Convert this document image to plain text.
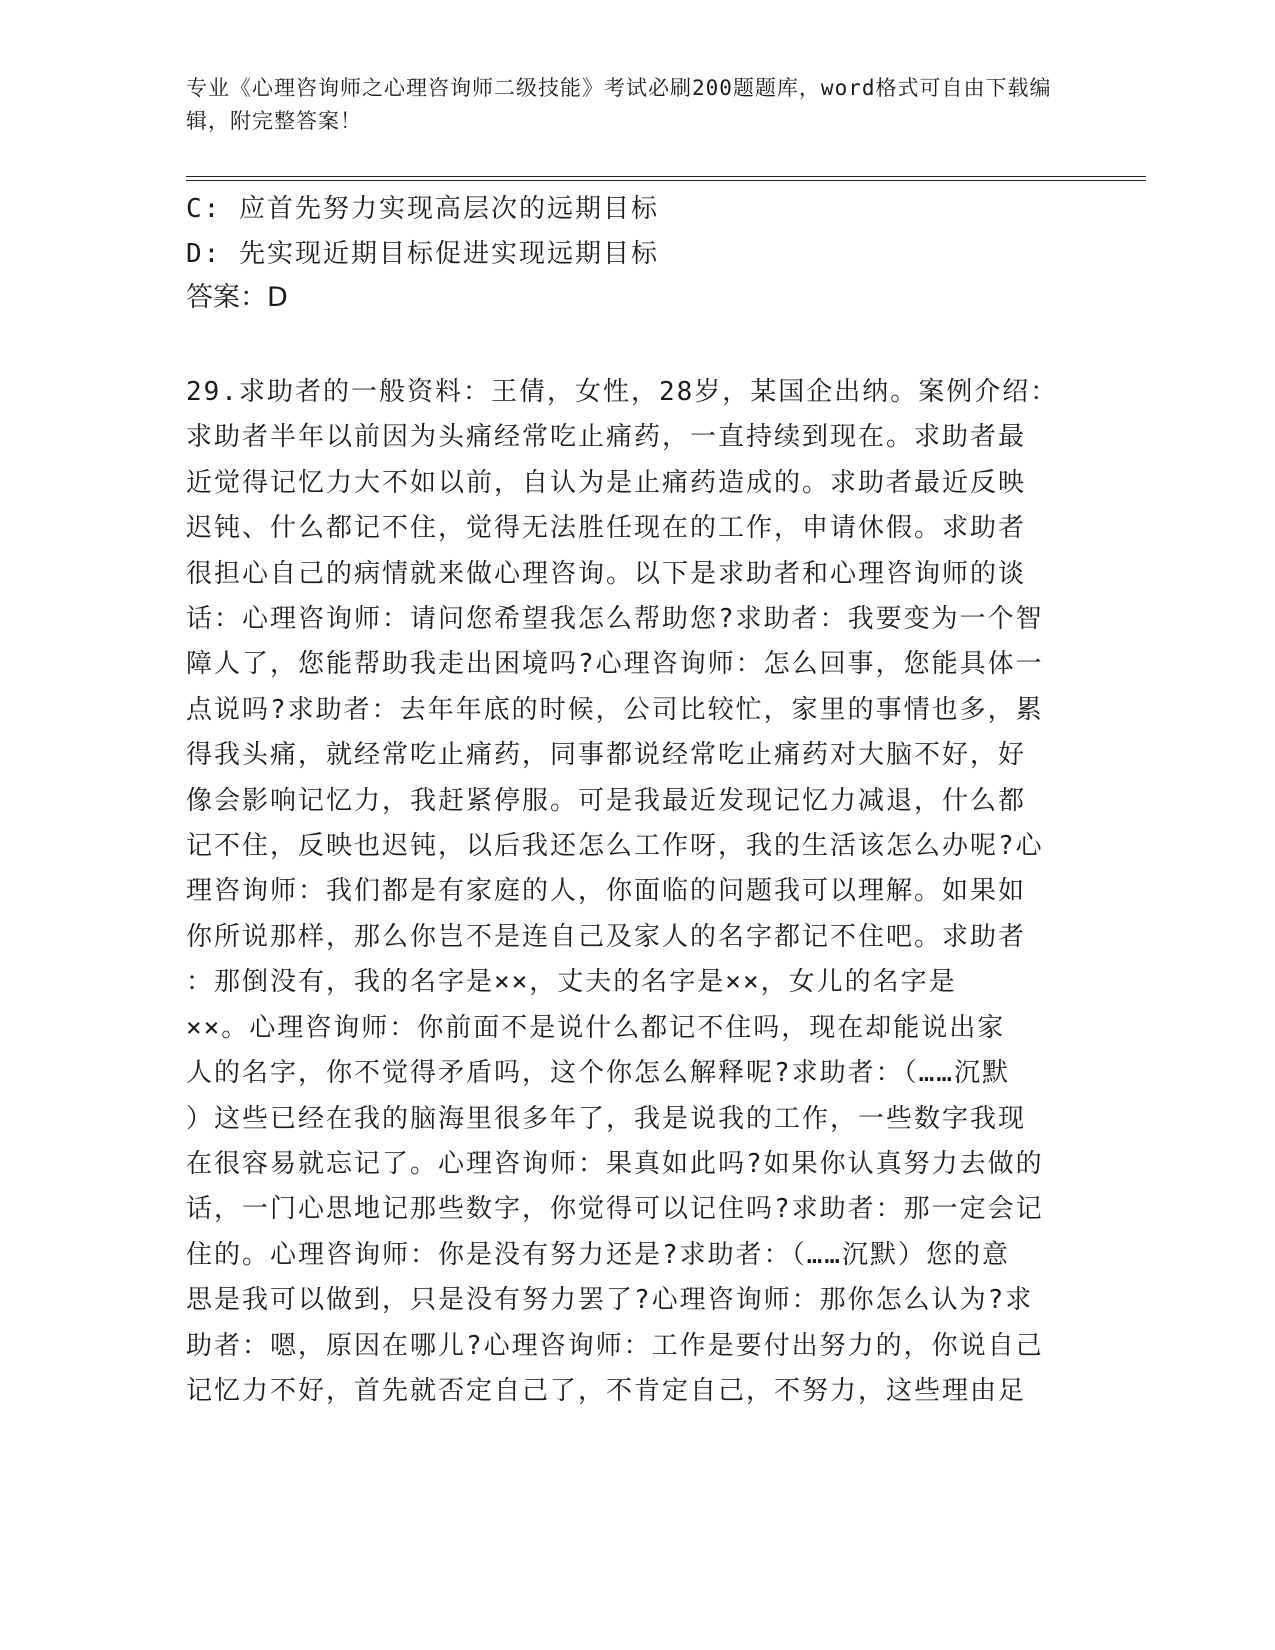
专业《心理咨询师之心理咨询师二级技能》考试必刷200题题库，word格式可自由下载编辑，附完整答案！
C: 应首先努力实现高层次的远期目标
D: 先实现近期目标促进实现远期目标
答案：D
29.求助者的一般资料：王倩，女性，28岁，某国企出纳。案例介绍：
求助者半年以前因为头痛经常吃止痛药，一直持续到现在。求助者最
近觉得记忆力大不如以前，自认为是止痛药造成的。求助者最近反映
迟钝、什么都记不住，觉得无法胜任现在的工作，申请休假。求助者
很担心自己的病情就来做心理咨询。以下是求助者和心理咨询师的谈
话：心理咨询师：请问您希望我怎么帮助您?求助者：我要变为一个智
障人了，您能帮助我走出困境吗?心理咨询师：怎么回事，您能具体一
点说吗?求助者：去年年底的时候，公司比较忙，家里的事情也多，累
得我头痛，就经常吃止痛药，同事都说经常吃止痛药对大脑不好，好
像会影响记忆力，我赶紧停服。可是我最近发现记忆力减退，什么都
记不住，反映也迟钝，以后我还怎么工作呀，我的生活该怎么办呢?心
理咨询师：我们都是有家庭的人，你面临的问题我可以理解。如果如
你所说那样，那么你岂不是连自己及家人的名字都记不住吧。求助者
：那倒没有，我的名字是××，丈夫的名字是××，女儿的名字是
××。心理咨询师：你前面不是说什么都记不住吗，现在却能说出家
人的名字，你不觉得矛盾吗，这个你怎么解释呢?求助者：（……沉默
）这些已经在我的脑海里很多年了，我是说我的工作，一些数字我现
在很容易就忘记了。心理咨询师：果真如此吗?如果你认真努力去做的
话，一门心思地记那些数字，你觉得可以记住吗?求助者：那一定会记
住的。心理咨询师：你是没有努力还是?求助者：（……沉默）您的意
思是我可以做到，只是没有努力罢了?心理咨询师：那你怎么认为?求
助者：嗯，原因在哪儿?心理咨询师：工作是要付出努力的，你说自己
记忆力不好，首先就否定自己了，不肯定自己，不努力，这些理由足
